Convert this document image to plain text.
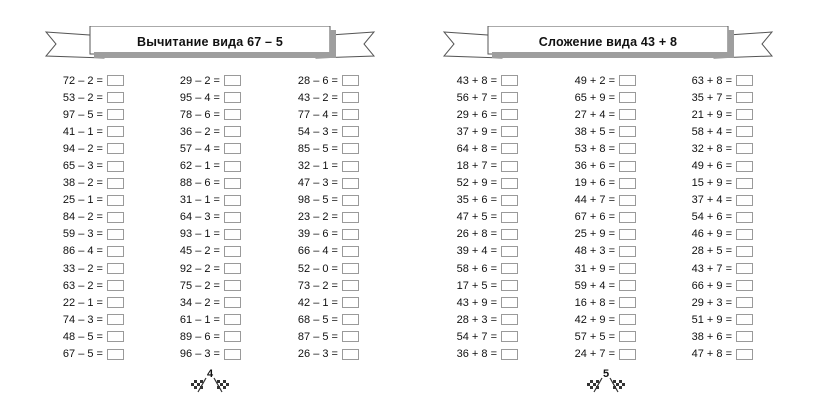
Вычитание вида 67 – 5
72 – 2 =
53 – 2 =
97 – 5 =
41 – 1 =
94 – 2 =
65 – 3 =
38 – 2 =
25 – 1 =
84 – 2 =
59 – 3 =
86 – 4 =
33 – 2 =
63 – 2 =
22 – 1 =
74 – 3 =
48 – 5 =
67 – 5 =
29 – 2 =
95 – 4 =
78 – 6 =
36 – 2 =
57 – 4 =
62 – 1 =
88 – 6 =
31 – 1 =
64 – 3 =
93 – 1 =
45 – 2 =
92 – 2 =
75 – 2 =
34 – 2 =
61 – 1 =
89 – 6 =
96 – 3 =
28 – 6 =
43 – 2 =
77 – 4 =
54 – 3 =
85 – 5 =
32 – 1 =
47 – 3 =
98 – 5 =
23 – 2 =
39 – 6 =
66 – 4 =
52 – 0 =
73 – 2 =
42 – 1 =
68 – 5 =
87 – 5 =
26 – 3 =
4
Сложение вида 43 + 8
43 + 8 =
56 + 7 =
29 + 6 =
37 + 9 =
64 + 8 =
18 + 7 =
52 + 9 =
35 + 6 =
47 + 5 =
26 + 8 =
39 + 4 =
58 + 6 =
17 + 5 =
43 + 9 =
28 + 3 =
54 + 7 =
36 + 8 =
49 + 2 =
65 + 9 =
27 + 4 =
38 + 5 =
53 + 8 =
36 + 6 =
19 + 6 =
44 + 7 =
67 + 6 =
25 + 9 =
48 + 3 =
31 + 9 =
59 + 4 =
16 + 8 =
42 + 9 =
57 + 5 =
24 + 7 =
63 + 8 =
35 + 7 =
21 + 9 =
58 + 4 =
32 + 8 =
49 + 6 =
15 + 9 =
37 + 4 =
54 + 6 =
46 + 9 =
28 + 5 =
43 + 7 =
66 + 9 =
29 + 3 =
51 + 9 =
38 + 6 =
47 + 8 =
5
